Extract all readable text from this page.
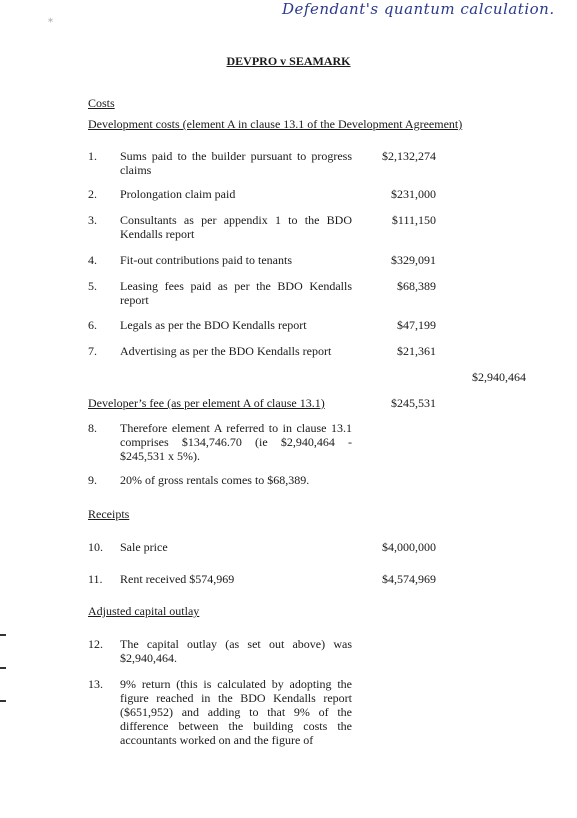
⁎
Defendant's quantum calculation.
DEVPRO v SEAMARK
Costs
Development costs (element A in clause 13.1 of the Development Agreement)
1. Sums paid to the builder pursuant to progress claims
$2,132,274
2. Prolongation claim paid	$231,000
3. Consultants as per appendix 1 to the BDO Kendalls report
$111,150
4. Fit-out contributions paid to tenants	$329,091
5. Leasing fees paid as per the BDO Kendalls report
$68,389
6. Legals as per the BDO Kendalls report	$47,199
7. Advertising as per the BDO Kendalls report	$21,361
$2,940,464
Developer’s fee (as per element A of clause 13.1)	$245,531
8. Therefore element A referred to in clause 13.1 comprises $134,746.70 (ie $2,940,464 - $245,531 x 5%).
9. 20% of gross rentals comes to $68,389.
Receipts
10. Sale price	$4,000,000
11. Rent received $574,969	$4,574,969
Adjusted capital outlay
12. The capital outlay (as set out above) was $2,940,464.
13. 9% return (this is calculated by adopting the figure reached in the BDO Kendalls report ($651,952) and adding to that 9% of the difference between the building costs the accountants worked on and the figure of
